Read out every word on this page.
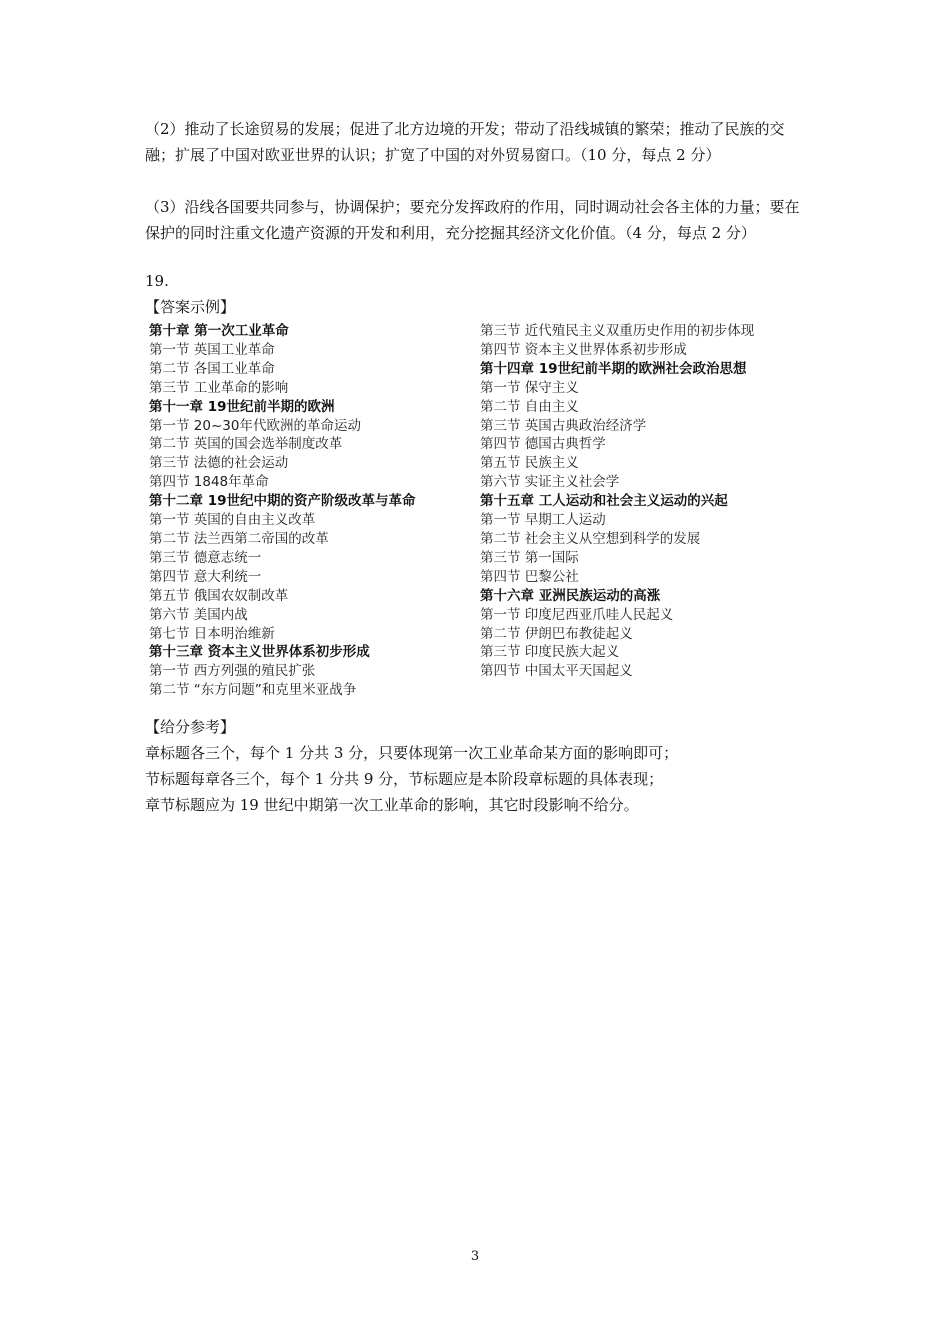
（2）推动了长途贸易的发展；促进了北方边境的开发；带动了沿线城镇的繁荣；推动了民族的交融；扩展了中国对欧亚世界的认识；扩宽了中国的对外贸易窗口。（10 分，每点 2 分）

（3）沿线各国要共同参与，协调保护；要充分发挥政府的作用，同时调动社会各主体的力量；要在保护的同时注重文化遗产资源的开发和利用，充分挖掘其经济文化价值。（4 分，每点 2 分）

19.
【答案示例】
第十章 第一次工业革命
第一节 英国工业革命
第二节 各国工业革命
第三节 工业革命的影响
第十一章 19世纪前半期的欧洲
第一节 20~30年代欧洲的革命运动
第二节 英国的国会选举制度改革
第三节 法德的社会运动
第四节 1848年革命
第十二章 19世纪中期的资产阶级改革与革命
第一节 英国的自由主义改革
第二节 法兰西第二帝国的改革
第三节 德意志统一
第四节 意大利统一
第五节 俄国农奴制改革
第六节 美国内战
第七节 日本明治维新
第十三章 资本主义世界体系初步形成
第一节 西方列强的殖民扩张
第二节 “东方问题”和克里米亚战争
第三节 近代殖民主义双重历史作用的初步体现
第四节 资本主义世界体系初步形成
第十四章 19世纪前半期的欧洲社会政治思想
第一节 保守主义
第二节 自由主义
第三节 英国古典政治经济学
第四节 德国古典哲学
第五节 民族主义
第六节 实证主义社会学
第十五章 工人运动和社会主义运动的兴起
第一节 早期工人运动
第二节 社会主义从空想到科学的发展
第三节 第一国际
第四节 巴黎公社
第十六章 亚洲民族运动的高涨
第一节 印度尼西亚爪哇人民起义
第二节 伊朗巴布教徒起义
第三节 印度民族大起义
第四节 中国太平天国起义
【给分参考】
章标题各三个，每个 1 分共 3 分，只要体现第一次工业革命某方面的影响即可；
节标题每章各三个，每个 1 分共 9 分，节标题应是本阶段章标题的具体表现；
章节标题应为 19 世纪中期第一次工业革命的影响，其它时段影响不给分。
3
